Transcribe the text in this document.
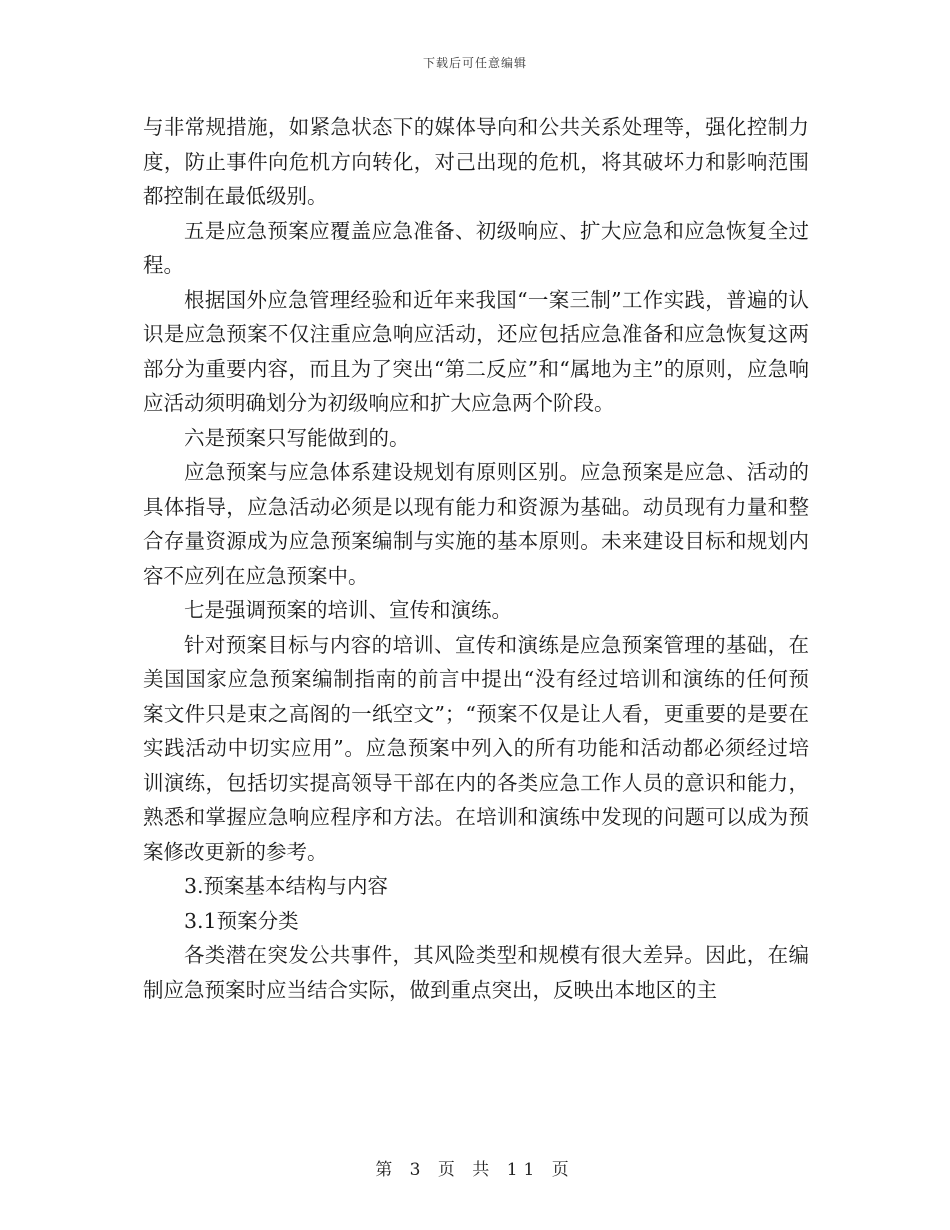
下载后可任意编辑

与非常规措施，如紧急状态下的媒体导向和公共关系处理等，强化控制力度，防止事件向危机方向转化，对己出现的危机，将其破坏力和影响范围都控制在最低级别。

五是应急预案应覆盖应急准备、初级响应、扩大应急和应急恢复全过程。

根据国外应急管理经验和近年来我国“一案三制”工作实践，普遍的认识是应急预案不仅注重应急响应活动，还应包括应急准备和应急恢复这两部分为重要内容，而且为了突出“第二反应”和“属地为主”的原则，应急响应活动须明确划分为初级响应和扩大应急两个阶段。

六是预案只写能做到的。

应急预案与应急体系建设规划有原则区别。应急预案是应急、活动的具体指导，应急活动必须是以现有能力和资源为基础。动员现有力量和整合存量资源成为应急预案编制与实施的基本原则。未来建设目标和规划内容不应列在应急预案中。

七是强调预案的培训、宣传和演练。

针对预案目标与内容的培训、宣传和演练是应急预案管理的基础，在美国国家应急预案编制指南的前言中提出“没有经过培训和演练的任何预案文件只是束之高阁的一纸空文”；“预案不仅是让人看，更重要的是要在实践活动中切实应用”。应急预案中列入的所有功能和活动都必须经过培训演练，包括切实提高领导干部在内的各类应急工作人员的意识和能力，熟悉和掌握应急响应程序和方法。在培训和演练中发现的问题可以成为预案修改更新的参考。

3.预案基本结构与内容

3.1预案分类

各类潜在突发公共事件，其风险类型和规模有很大差异。因此，在编制应急预案时应当结合实际，做到重点突出，反映出本地区的主

第 3 页 共 11 页
